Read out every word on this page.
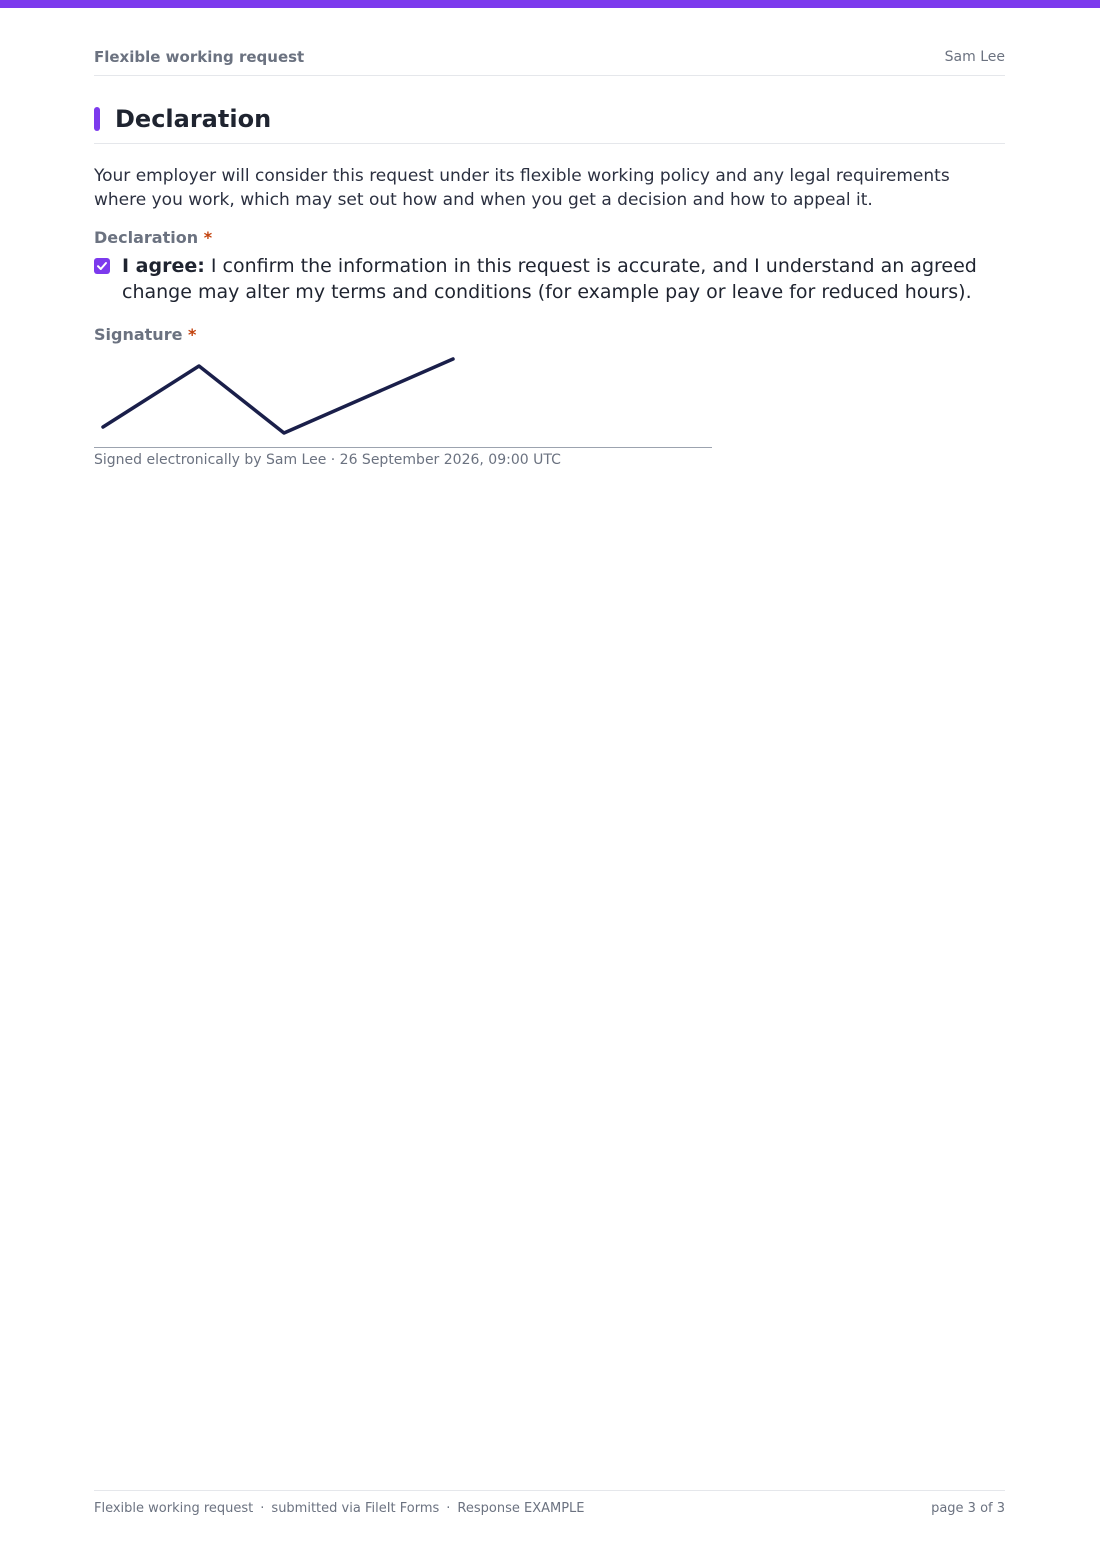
Flexible working request	Sam Lee
Declaration

Your employer will consider this request under its flexible working policy and any legal requirements where you work, which may set out how and when you get a decision and how to appeal it.

Declaration *
I agree: I confirm the information in this request is accurate, and I understand an agreed change may alter my terms and conditions (for example pay or leave for reduced hours).
Signature *
Signed electronically by Sam Lee · 26 September 2026, 09:00 UTC
Flexible working request · submitted via FileIt Forms · Response EXAMPLE	page 3 of 3
